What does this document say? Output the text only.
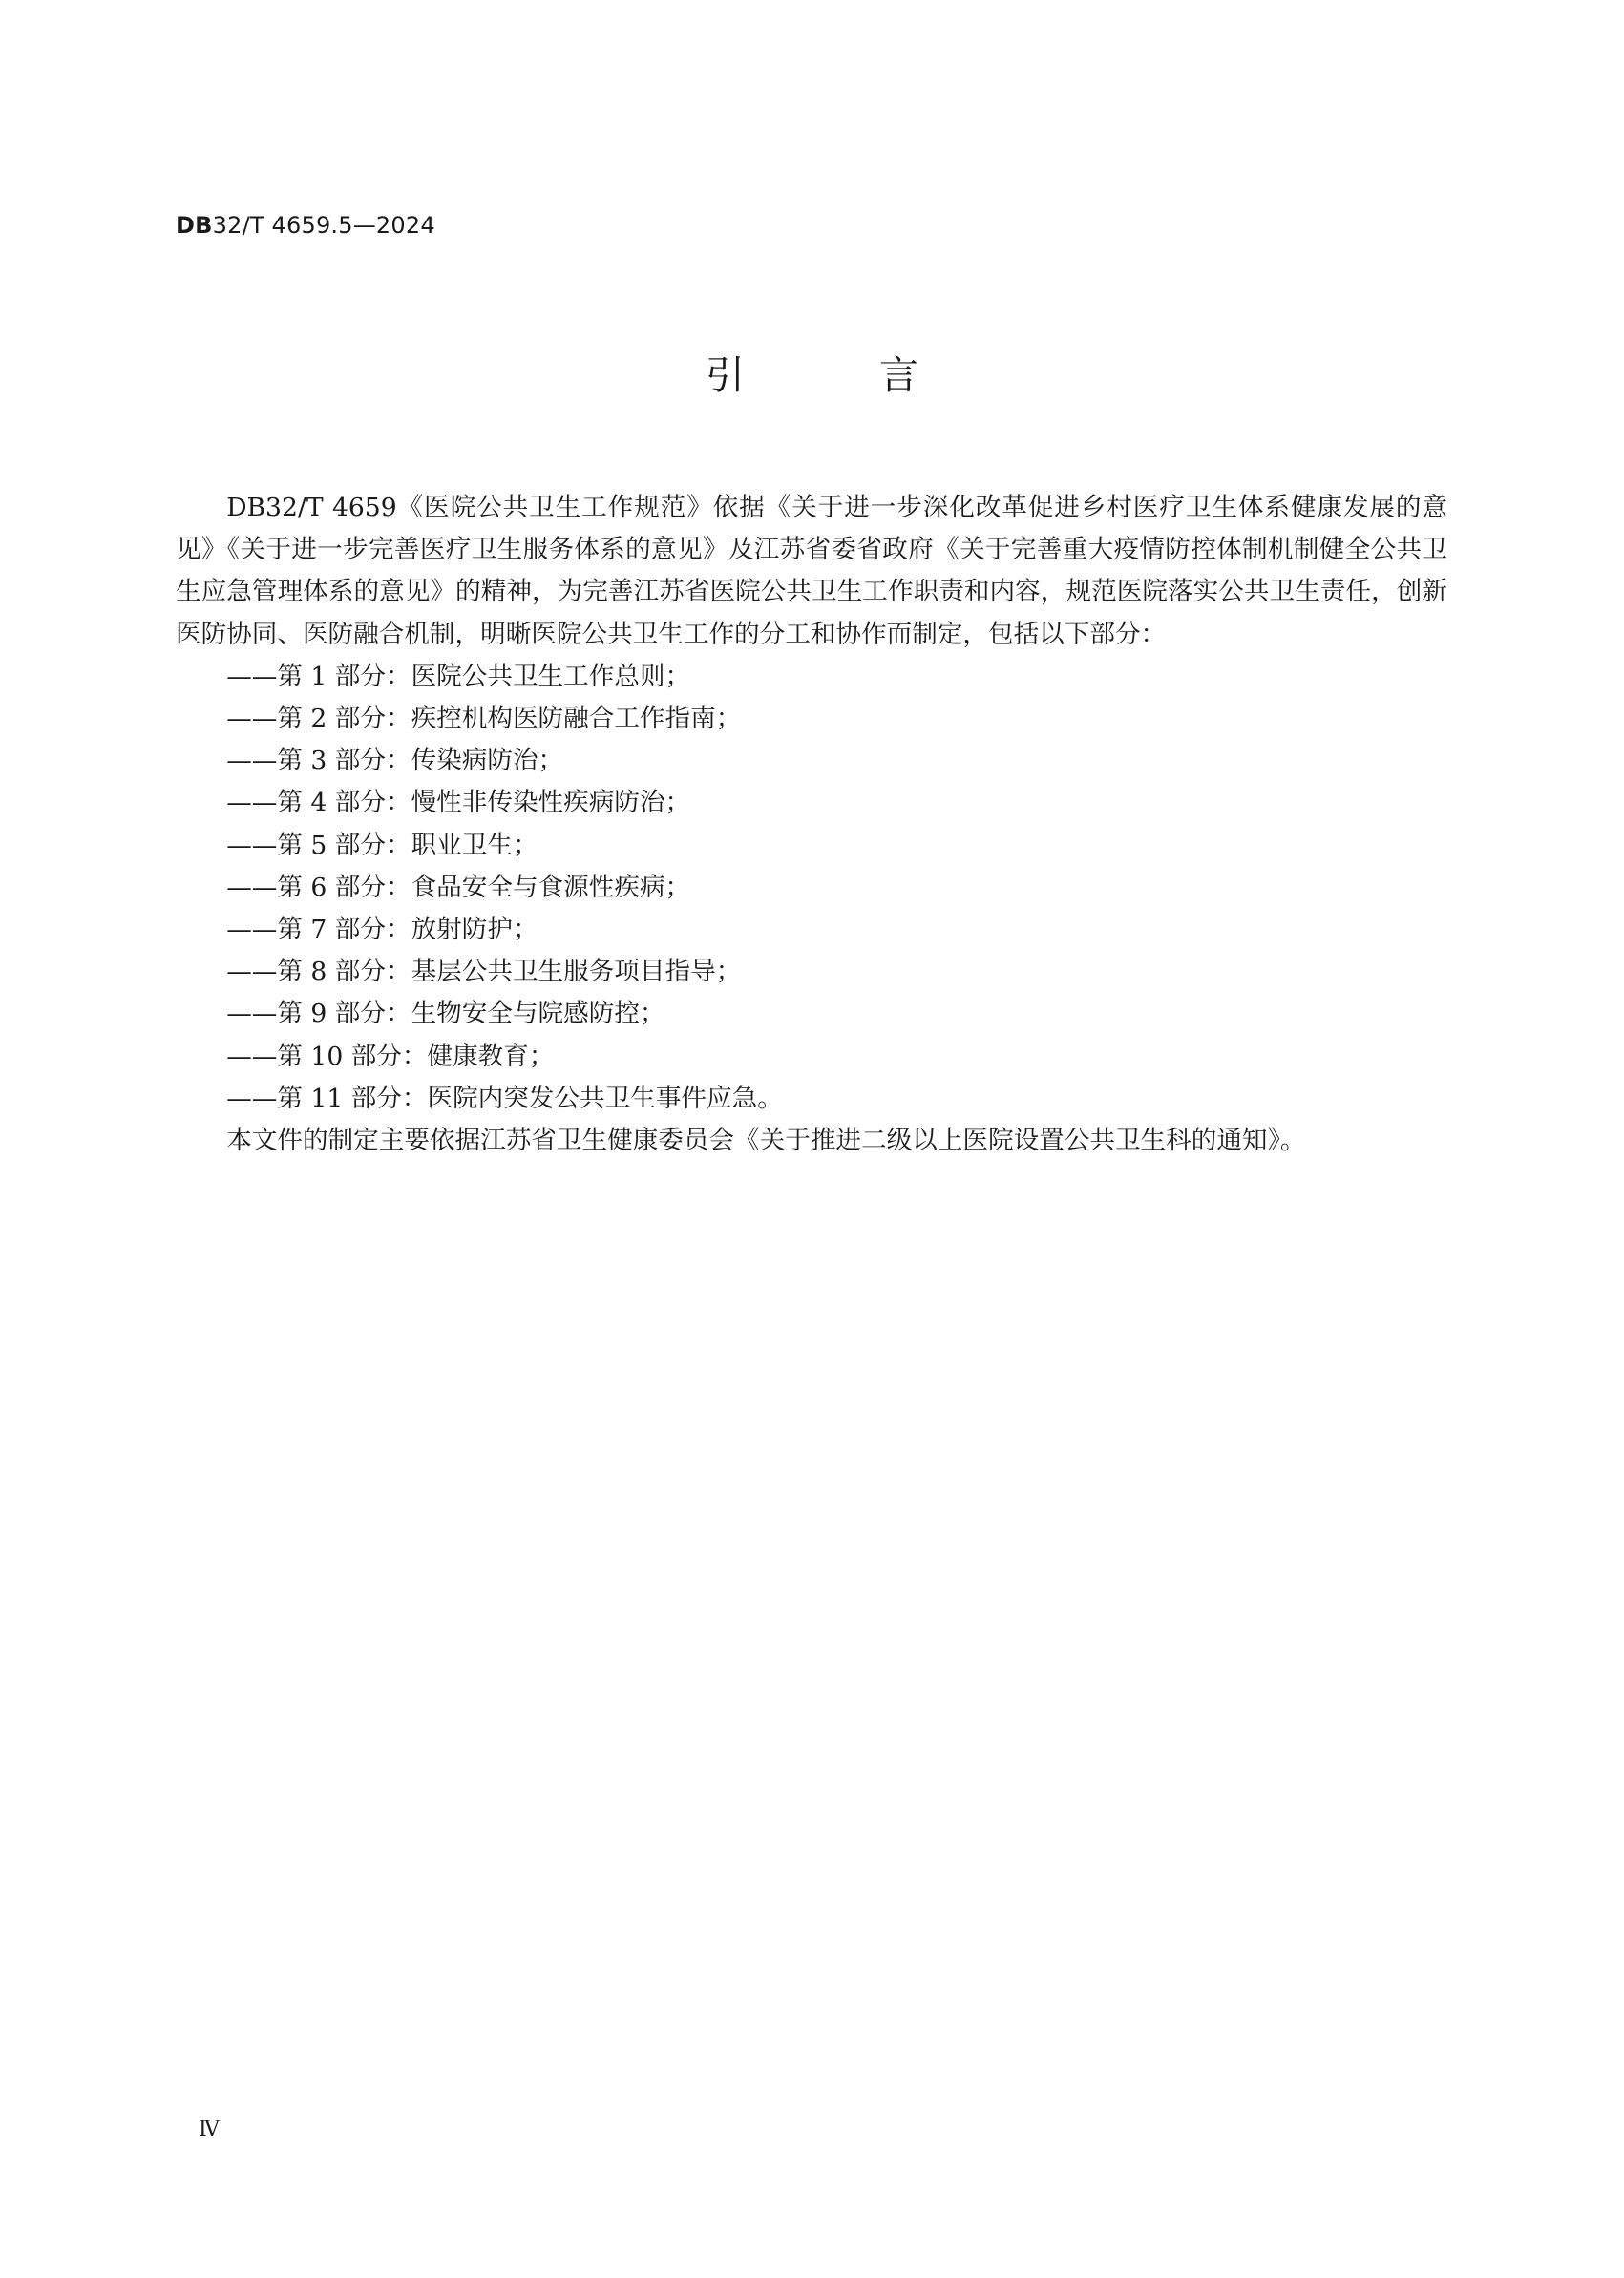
DB32/T 4659.5—2024
引 言

DB32/T 4659《医院公共卫生工作规范》依据《关于进一步深化改革促进乡村医疗卫生体系健康发展的意见》《关于进一步完善医疗卫生服务体系的意见》及江苏省委省政府《关于完善重大疫情防控体制机制健全公共卫生应急管理体系的意见》的精神，为完善江苏省医院公共卫生工作职责和内容，规范医院落实公共卫生责任，创新医防协同、医防融合机制，明晰医院公共卫生工作的分工和协作而制定，包括以下部分：

——第 1 部分：医院公共卫生工作总则；
——第 2 部分：疾控机构医防融合工作指南；
——第 3 部分：传染病防治；
——第 4 部分：慢性非传染性疾病防治；
——第 5 部分：职业卫生；
——第 6 部分：食品安全与食源性疾病；
——第 7 部分：放射防护；
——第 8 部分：基层公共卫生服务项目指导；
——第 9 部分：生物安全与院感防控；
——第 10 部分：健康教育；
——第 11 部分：医院内突发公共卫生事件应急。

本文件的制定主要依据江苏省卫生健康委员会《关于推进二级以上医院设置公共卫生科的通知》。

Ⅳ
